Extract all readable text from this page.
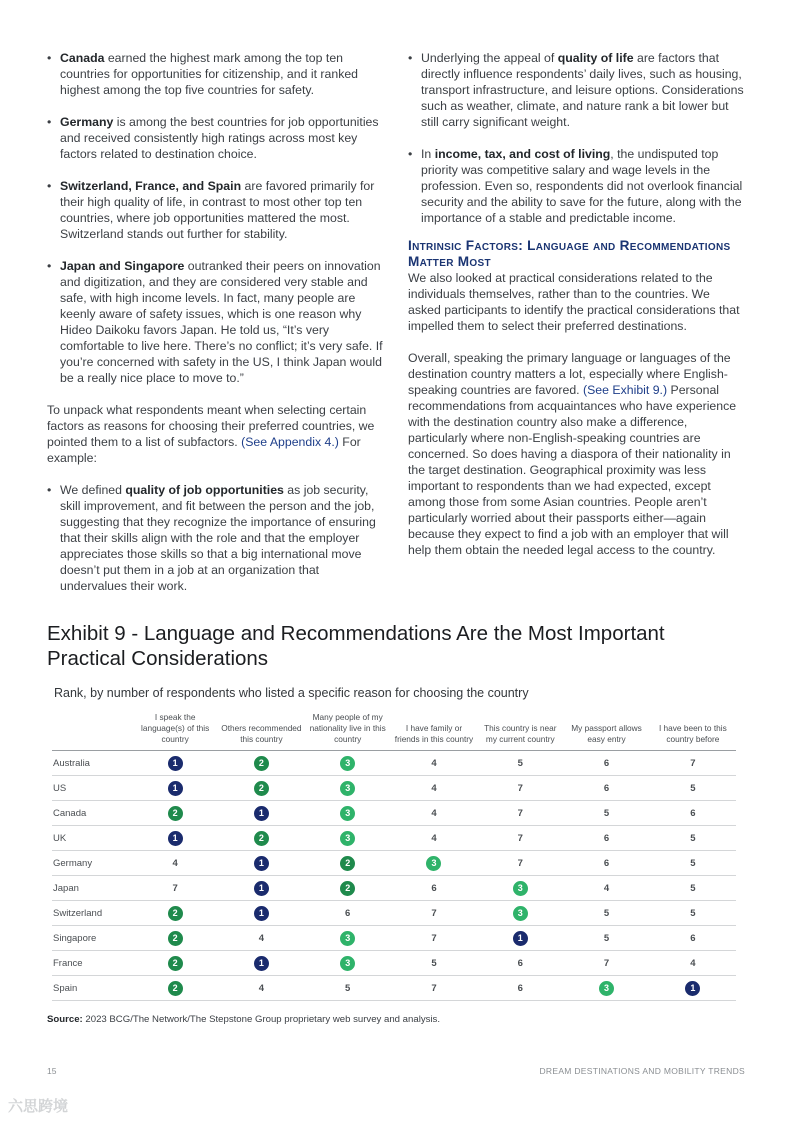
• Canada earned the highest mark among the top ten countries for opportunities for citizenship, and it ranked highest among the top five countries for safety.
• Germany is among the best countries for job opportunities and received consistently high ratings across most key factors related to destination choice.
• Switzerland, France, and Spain are favored primarily for their high quality of life, in contrast to most other top ten countries, where job opportunities mattered the most. Switzerland stands out further for stability.
• Japan and Singapore outranked their peers on innovation and digitization, and they are considered very stable and safe, with high income levels. In fact, many people are keenly aware of safety issues, which is one reason why Hideo Daikoku favors Japan. He told us, “It’s very comfortable to live here. There’s no conflict; it’s very safe. If you’re concerned with safety in the US, I think Japan would be a really nice place to move to.”

To unpack what respondents meant when selecting certain factors as reasons for choosing their preferred countries, we pointed them to a list of subfactors. (See Appendix 4.) For example:

• We defined quality of job opportunities as job security, skill improvement, and fit between the person and the job, suggesting that they recognize the importance of ensuring that their skills align with the role and that the employer appreciates those skills so that a big international move doesn’t put them in a job at an organization that undervalues their work.
• Underlying the appeal of quality of life are factors that directly influence respondents’ daily lives, such as housing, transport infrastructure, and leisure options. Considerations such as weather, climate, and nature rank a bit lower but still carry significant weight.
• In income, tax, and cost of living, the undisputed top priority was competitive salary and wage levels in the profession. Even so, respondents did not overlook financial security and the ability to save for the future, along with the importance of a stable and predictable income.
Intrinsic Factors: Language and Recommendations Matter Most

We also looked at practical considerations related to the individuals themselves, rather than to the countries. We asked participants to identify the practical considerations that impelled them to select their preferred destinations.

Overall, speaking the primary language or languages of the destination country matters a lot, especially where English-speaking countries are favored. (See Exhibit 9.) Personal recommendations from acquaintances who have experience with the destination country also make a difference, particularly where non-English-speaking countries are concerned. So does having a diaspora of their nationality in the target destination. Geographical proximity was less important to respondents than we had expected, except among those from some Asian countries. People aren’t particularly worried about their passports either—again because they expect to find a job with an employer that will help them obtain the needed legal access to the country.

Exhibit 9 - Language and Recommendations Are the Most Important Practical Considerations
Rank, by number of respondents who listed a specific reason for choosing the country
	I speak the language(s) of this country	Others recommended this country	Many people of my nationality live in this country	I have family or friends in this country	This country is near my current country	My passport allows easy entry	I have been to this country before
Australia	1	2	3	4	5	6	7
US	1	2	3	4	7	6	5
Canada	2	1	3	4	7	5	6
UK	1	2	3	4	7	6	5
Germany	4	1	2	3	7	6	5
Japan	7	1	2	6	3	4	5
Switzerland	2	1	6	7	3	5	5
Singapore	2	4	3	7	1	5	6
France	2	1	3	5	6	7	4
Spain	2	4	5	7	6	3	1
Source: 2023 BCG/The Network/The Stepstone Group proprietary web survey and analysis.
15	DREAM DESTINATIONS AND MOBILITY TRENDS
六思跨境
